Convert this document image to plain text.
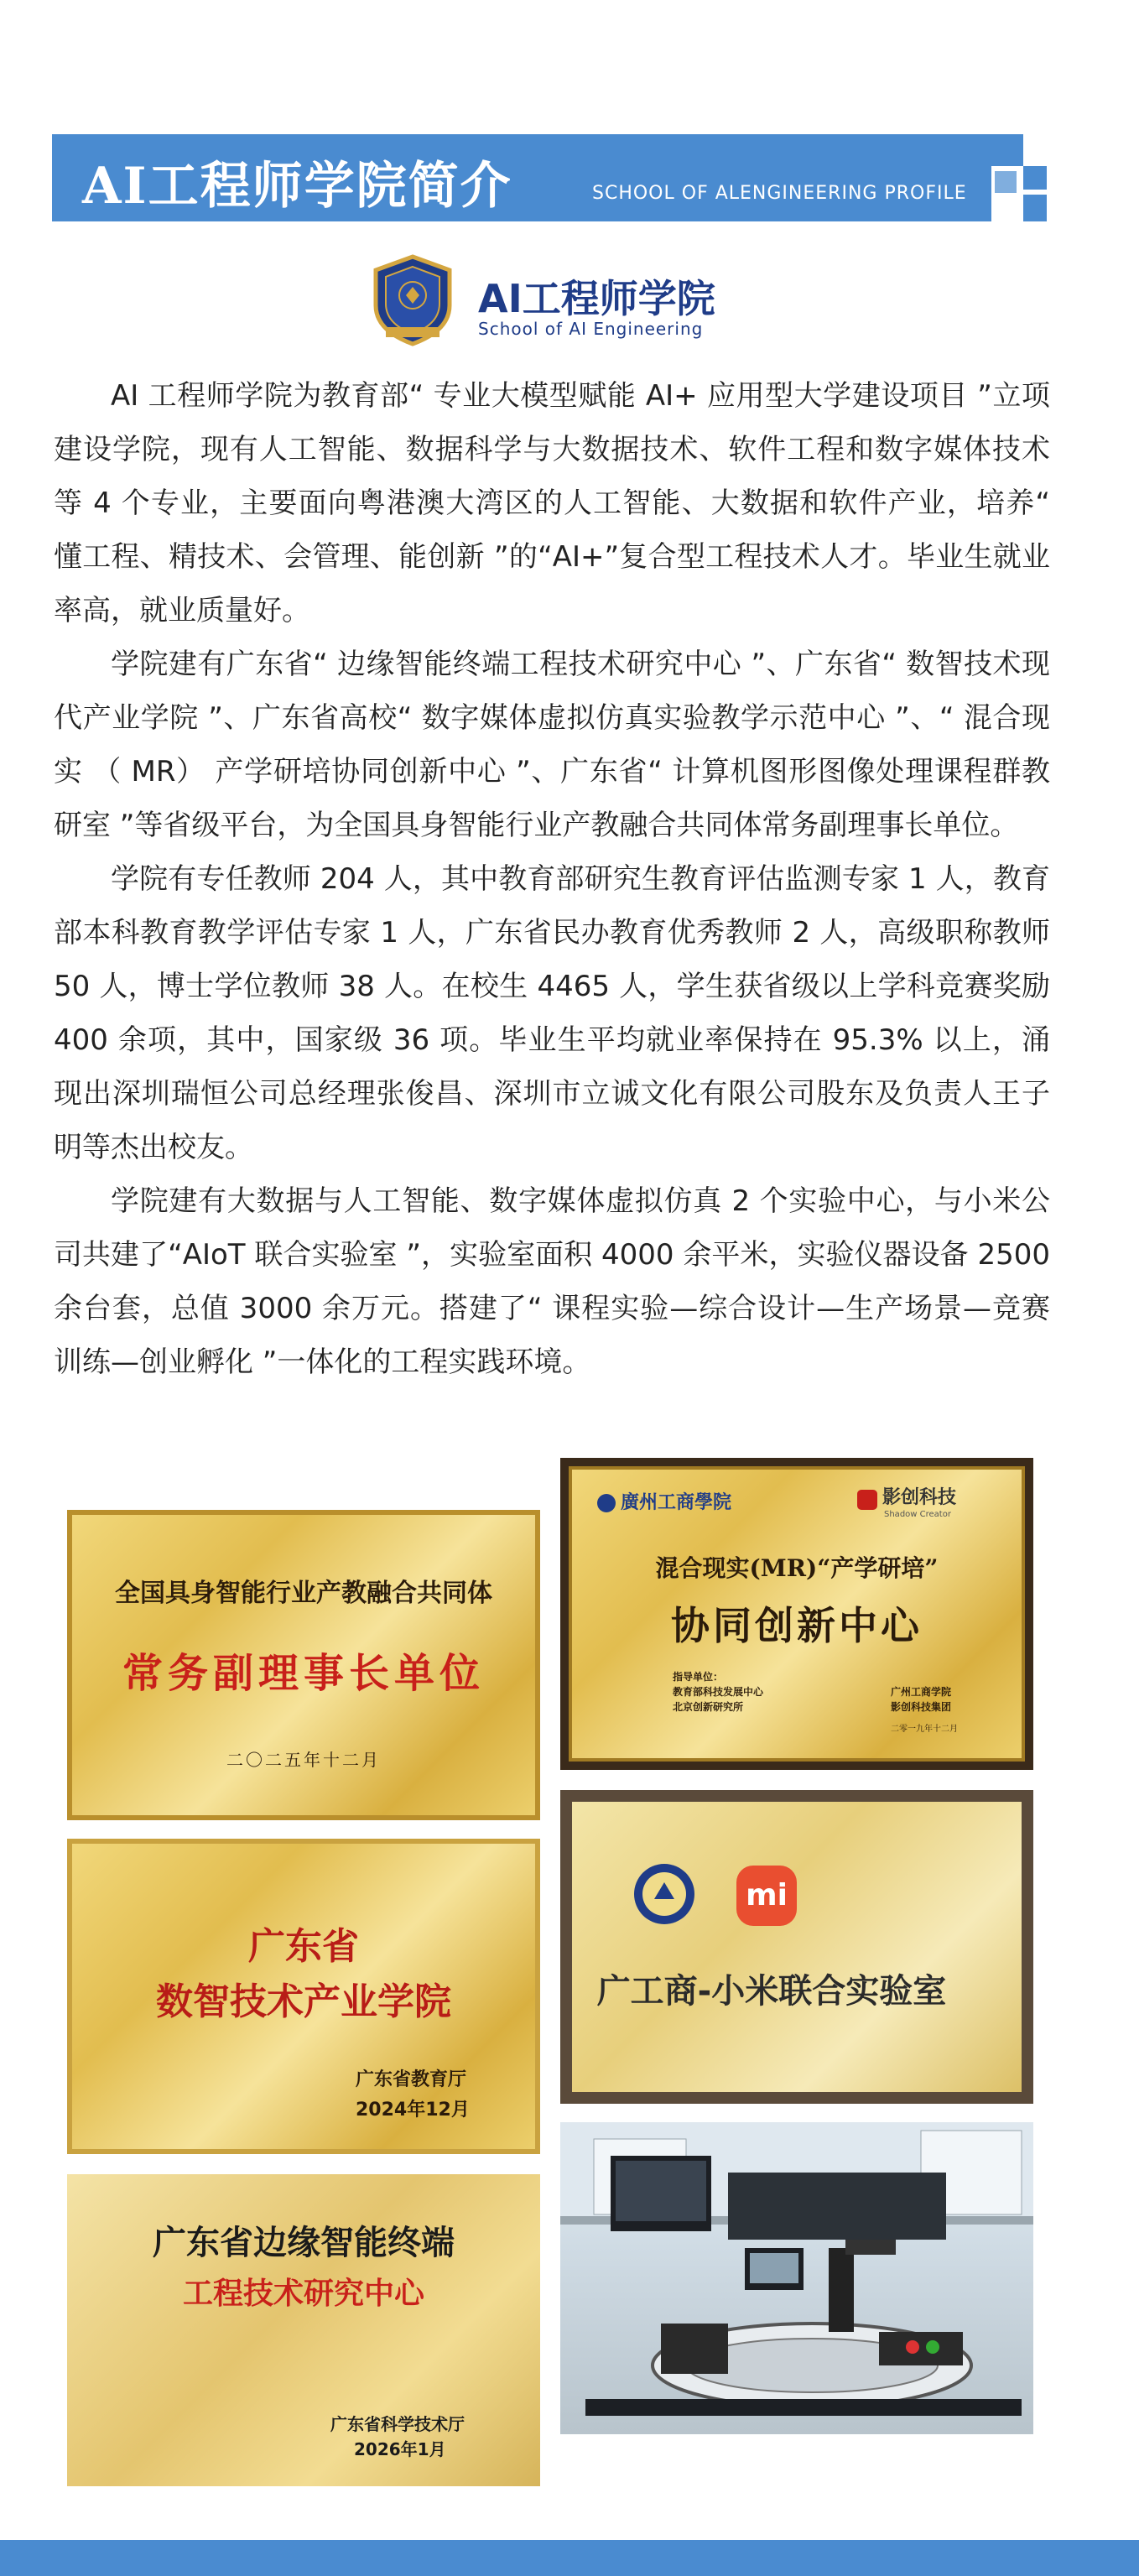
AI工程师学院简介	SCHOOL OF ALENGINEERING PROFILE
AI工程师学院
School of AI Engineering

AI 工程师学院为教育部“ 专业大模型赋能 AI+ 应用型大学建设项目 ”立项建设学院，现有人工智能、数据科学与大数据技术、软件工程和数字媒体技术等 4 个专业，主要面向粤港澳大湾区的人工智能、大数据和软件产业，培养“ 懂工程、精技术、会管理、能创新 ”的“AI+”复合型工程技术人才。毕业生就业率高，就业质量好。

学院建有广东省“ 边缘智能终端工程技术研究中心 ”、广东省“ 数智技术现代产业学院 ”、广东省高校“ 数字媒体虚拟仿真实验教学示范中心 ”、“ 混合现实 （ MR） 产学研培协同创新中心 ”、广东省“ 计算机图形图像处理课程群教研室 ”等省级平台，为全国具身智能行业产教融合共同体常务副理事长单位。

学院有专任教师 204 人，其中教育部研究生教育评估监测专家 1 人，教育部本科教育教学评估专家 1 人，广东省民办教育优秀教师 2 人，高级职称教师 50 人，博士学位教师 38 人。在校生 4465 人，学生获省级以上学科竞赛奖励 400 余项，其中，国家级 36 项。毕业生平均就业率保持在 95.3% 以上，涌现出深圳瑞恒公司总经理张俊昌、深圳市立诚文化有限公司股东及负责人王子明等杰出校友。

学院建有大数据与人工智能、数字媒体虚拟仿真 2 个实验中心，与小米公司共建了“AIoT 联合实验室 ”，实验室面积 4000 余平米，实验仪器设备 2500 余台套，总值 3000 余万元。搭建了“ 课程实验—综合设计—生产场景—竞赛训练—创业孵化 ”一体化的工程实践环境。

全国具身智能行业产教融合共同体
常务副理事长单位
二〇二五年十二月
廣州工商學院	影创科技
Shadow Creator
混合现实(MR)“产学研培”
协同创新中心
指导单位：
教育部科技发展中心
北京创新研究所
广州工商学院
影创科技集团
二零一九年十二月
广东省
数智技术产业学院
广东省教育厅
2024年12月
mi
广工商-小米联合实验室
广东省边缘智能终端
工程技术研究中心
广东省科学技术厅
2026年1月
